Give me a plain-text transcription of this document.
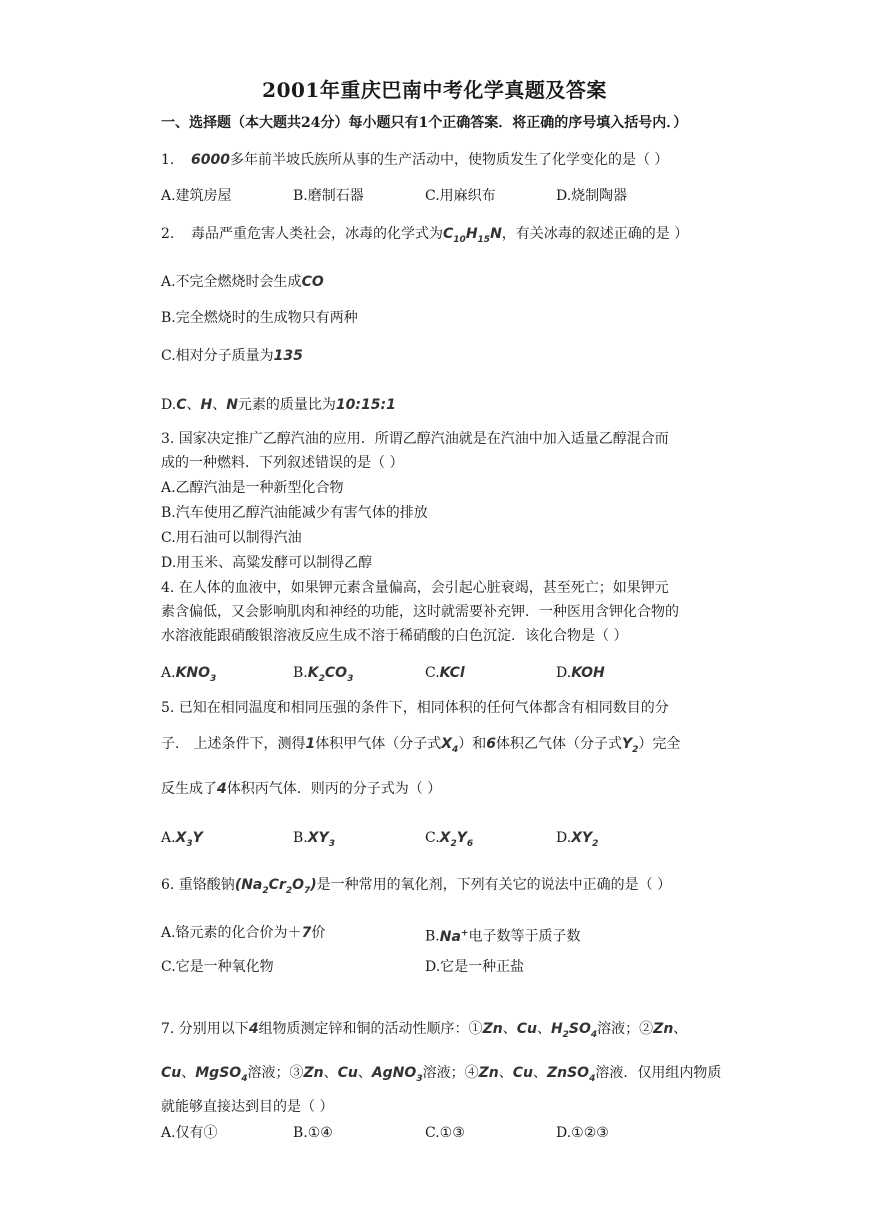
2001年重庆巴南中考化学真题及答案
一、选择题（本大题共24分）每小题只有1个正确答案．将正确的序号填入括号内．）
1. 6000多年前半坡氏族所从事的生产活动中，使物质发生了化学变化的是（ ）
A.建筑房屋	B.磨制石器	C.用麻织布	D.烧制陶器
2. 毒品严重危害人类社会，冰毒的化学式为$C_{10}H_{15}N$，有关冰毒的叙述正确的是 ）
A.不完全燃烧时会生成CO
B.完全燃烧时的生成物只有两种
C.相对分子质量为135
D.C、H、N元素的质量比为10:15:1
3. 国家决定推广乙醇汽油的应用．所谓乙醇汽油就是在汽油中加入适量乙醇混合而
成的一种燃料．下列叙述错误的是（ ）
A.乙醇汽油是一种新型化合物
B.汽车使用乙醇汽油能减少有害气体的排放
C.用石油可以制得汽油
D.用玉米、高粱发酵可以制得乙醇
4. 在人体的血液中，如果钾元素含量偏高，会引起心脏衰竭，甚至死亡；如果钾元
素含偏低，又会影响肌肉和神经的功能，这时就需要补充钾．一种医用含钾化合物的
水溶液能跟硝酸银溶液反应生成不溶于稀硝酸的白色沉淀．该化合物是（ ）
$A.KNO_3$	$B.K_2CO_3$	C.KCl	D.KOH
5. 已知在相同温度和相同压强的条件下，相同体积的任何气体都含有相同数目的分
子． 上述条件下，测得1体积甲气体（分子式$X_4$）和6体积乙气体（分子式$Y_2$）完全
反生成了4体积丙气体．则丙的分子式为（ ）
$A.X_3Y$	$B.XY_3$	$C.X_2Y_6$	$D.XY_2$
6. 重铬酸钠$(Na_2Cr_2O_7)$是一种常用的氧化剂，下列有关它的说法中正确的是（ ）
A.铬元素的化合价为＋7价	B.Na+电子数等于质子数
C.它是一种氧化物	D.它是一种正盐
7. 分别用以下4组物质测定锌和铜的活动性顺序：①Zn、Cu、$H_2SO_4$溶液；②Zn、
Cu、MgSO$_4$溶液；③Zn、Cu、AgNO$_3$溶液；④Zn、Cu、ZnSO$_4$溶液．仅用组内物质
就能够直接达到目的是（ ）
A.仅有①	B.①④	C.①③	D.①②③
